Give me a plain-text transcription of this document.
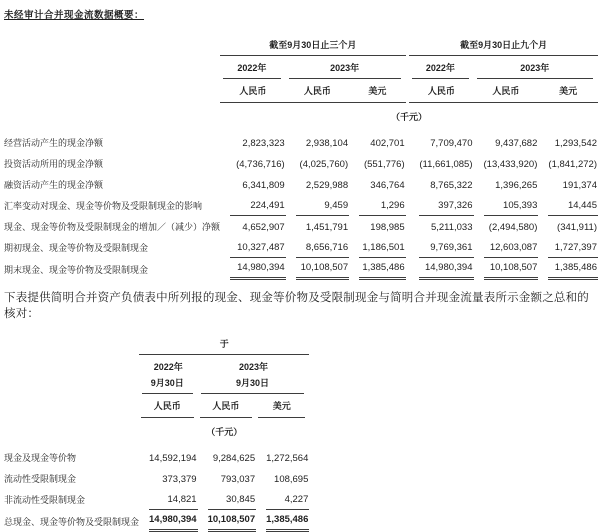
未经审计合并现金流数据概要：
	截至9月30日止三个月				截至9月30日止九个月		

	2022年	2023年			2022年	2023年	

	人民币	人民币	美元		人民币	人民币	美元
	（千元）						
经营活动产生的现金净额	2,823,323	2,938,104	402,701		7,709,470	9,437,682	1,293,542

投资活动所用的现金净额	(4,736,716)	(4,025,760)	(551,776)		(11,661,085)	(13,433,920)	(1,841,272)

融资活动产生的现金净额	6,341,809	2,529,988	346,764		8,765,322	1,396,265	191,374

汇率变动对现金、现金等价物及受限制现金的影响	224,491	9,459	1,296		397,326	105,393	14,445

现金、现金等价物及受限制现金的增加／（减少）净额	4,652,907	1,451,791	198,985		5,211,033	(2,494,580)	(341,911)

期初现金、现金等价物及受限制现金	10,327,487	8,656,716	1,186,501		9,769,361	12,603,087	1,727,397

期末现金、现金等价物及受限制现金	14,980,394	10,108,507	1,385,486		14,980,394	10,108,507	1,385,486
下表提供简明合并资产负债表中所列报的现金、现金等价物及受限制现金与简明合并现金流量表所示金额之总和的核对：
	于		
	2022年	2023年	

	9月30日	9月30日	

	人民币	人民币	美元

	（千元）		
现金及现金等价物	14,592,194	9,284,625	1,272,564

流动性受限制现金	373,379	793,037	108,695

非流动性受限制现金	14,821	30,845	4,227

总现金、现金等价物及受限制现金	14,980,394	10,108,507	1,385,486
